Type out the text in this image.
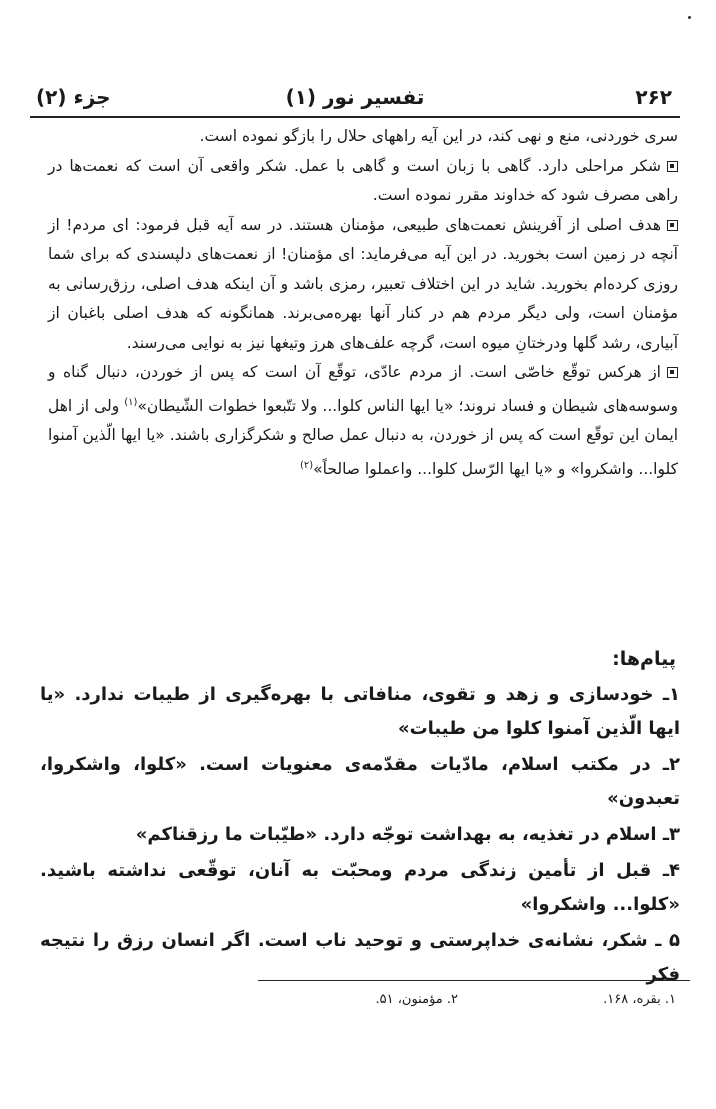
۲۶۲
تفسیر نور (۱)
جزء (۲)

سری خوردنی، منع و نهی کند، در این آیه راههای حلال را بازگو نموده است.

شکر مراحلی دارد. گاهی با زبان است و گاهی با عمل. شکر واقعی آن است که نعمت‌ها در راهی مصرف شود که خداوند مقرر نموده است.

هدف اصلی از آفرینش نعمت‌های طبیعی، مؤمنان هستند. در سه آیه قبل فرمود: ای مردم! از آنچه در زمین است بخورید. در این آیه می‌فرماید: ای مؤمنان! از نعمت‌های دلپسندی که برای شما روزی کرده‌ام بخورید. شاید در این اختلاف تعبیر، رمزی باشد و آن اینکه هدف اصلی، رزق‌رسانی به مؤمنان است، ولی دیگر مردم هم در کنار آنها بهره‌می‌برند. همانگونه که هدف اصلی باغبان از آبیاری، رشد گلها ودرختانِ میوه است، گرچه علف‌های هرز وتیغها نیز به نوایی می‌رسند.

از هرکس توقّع خاصّی است. از مردم عادّی، توقّع آن است که پس از خوردن، دنبال گناه و وسوسه‌های شیطان و فساد نروند؛ «یا ایها الناس کلوا... ولا تتّبعوا خطوات الشّیطان»$^{(۱)}$ ولی از اهل ایمان این توقّع است که پس از خوردن، به دنبال عمل صالح و شکرگزاری باشند. «یا ایها الّذین آمنوا کلوا... واشکروا» و «یا ایها الرّسل کلوا... واعملوا صالحاً»$^{(۲)}$

پیام‌ها:

۱ـ خودسازی و زهد و تقوی، منافاتی با بهره‌گیری از طیبات ندارد. «یا ایها الّذین آمنوا کلوا من طیبات»

۲ـ در مکتب اسلام، مادّیات مقدّمه‌ی معنویات است. «کلوا، واشکروا، تعبدون»

۳ـ اسلام در تغذیه، به بهداشت توجّه دارد. «طیّبات ما رزقناکم»

۴ـ قبل از تأمین زندگی مردم ومحبّت به آنان، توقّعی نداشته باشید. «کلوا... واشکروا»

۵ ـ شکر، نشانه‌ی خداپرستی و توحید ناب است. اگر انسان رزق را نتیجه فکر

۱. بقره، ۱۶۸.
۲. مؤمنون، ۵۱.
